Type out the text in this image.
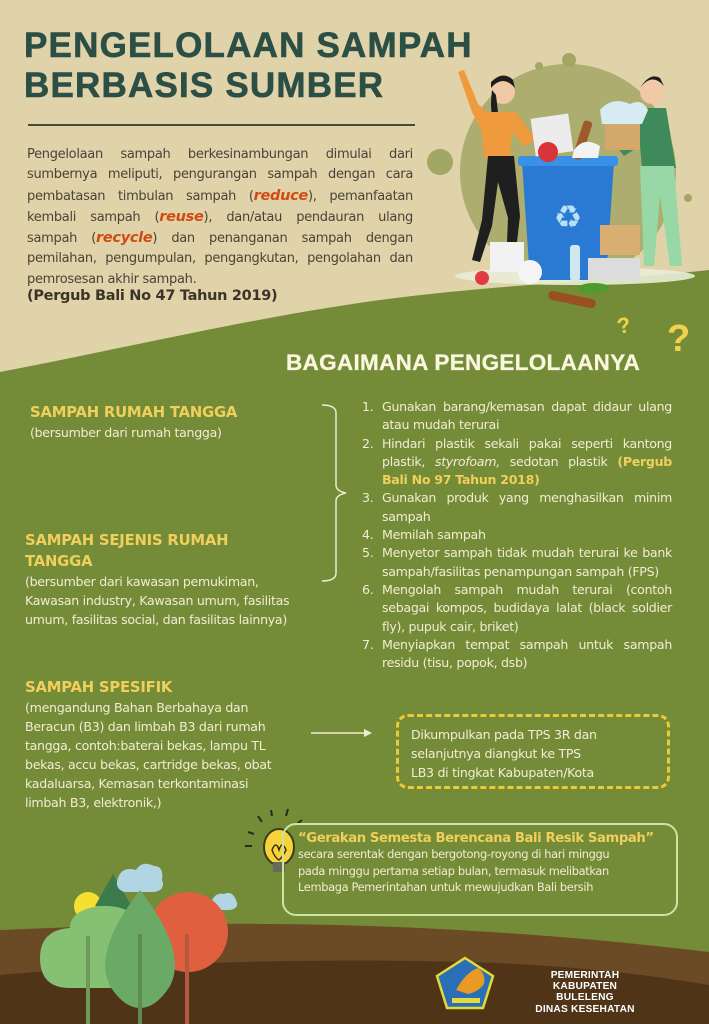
♻
PENGELOLAAN SAMPAH
BERBASIS SUMBER

Pengelolaan sampah berkesinambungan dimulai dari sumbernya meliputi, pengurangan sampah dengan cara pembatasan timbulan sampah (reduce), pemanfaatan kembali sampah (reuse), dan/atau pendauran ulang sampah (recycle) dan penanganan sampah dengan pemilahan, pengumpulan, pengangkutan, pengolahan dan pemrosesan akhir sampah.

(Pergub Bali No 47 Tahun 2019)
? ?
BAGAIMANA PENGELOLAANYA
SAMPAH RUMAH TANGGA
(bersumber dari rumah tangga)
SAMPAH SEJENIS RUMAH
TANGGA
(bersumber dari kawasan pemukiman,
Kawasan industry, Kawasan umum, fasilitas
umum, fasilitas social, dan fasilitas lainnya)
SAMPAH SPESIFIK
(mengandung Bahan Berbahaya dan
Beracun (B3) dan limbah B3 dari rumah
tangga, contoh:baterai bekas, lampu TL
bekas, accu bekas, cartridge bekas, obat
kadaluarsa, Kemasan terkontaminasi
limbah B3, elektronik,)
1. Gunakan barang/kemasan dapat didaur ulang atau mudah terurai
2. Hindari plastik sekali pakai seperti kantong plastik, styrofoam, sedotan plastik (Pergub Bali No 97 Tahun 2018)
3. Gunakan produk yang menghasilkan minim sampah
4. Memilah sampah
5. Menyetor sampah tidak mudah terurai ke bank sampah/fasilitas penampungan sampah (FPS)
6. Mengolah sampah mudah terurai (contoh sebagai kompos, budidaya lalat (black soldier fly), pupuk cair, briket)
7. Menyiapkan tempat sampah untuk sampah residu (tisu, popok, dsb)
Dikumpulkan pada TPS 3R dan
selanjutnya diangkut ke TPS
LB3 di tingkat Kabupaten/Kota
“Gerakan Semesta Berencana Bali Resik Sampah”
secara serentak dengan bergotong-royong di hari minggu
pada minggu pertama setiap bulan, termasuk melibatkan
Lembaga Pemerintahan untuk mewujudkan Bali bersih
PEMERINTAH
KABUPATEN BULELENG
DINAS KESEHATAN
